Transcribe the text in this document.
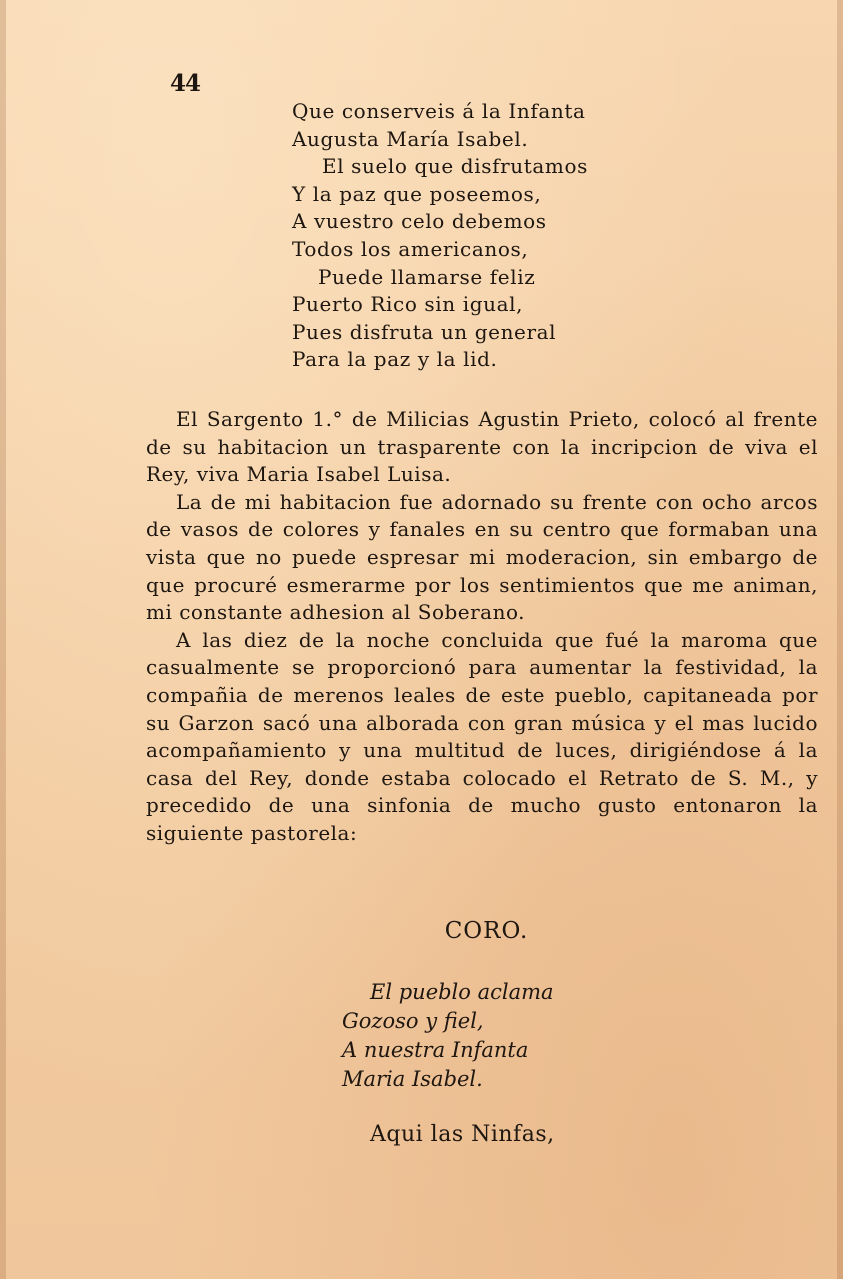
44
Que conserveis á la Infanta
Augusta María Isabel.
El suelo que disfrutamos
Y la paz que poseemos,
A vuestro celo debemos
Todos los americanos,
Puede llamarse feliz
Puerto Rico sin igual,
Pues disfruta un general
Para la paz y la lid.

El Sargento 1.° de Milicias Agustin Prieto, colocó al frente de su habitacion un trasparente con la incripcion de viva el Rey, viva Maria Isabel Luisa.

La de mi habitacion fue adornado su frente con ocho arcos de vasos de colores y fanales en su centro que formaban una vista que no puede espresar mi moderacion, sin embargo de que procuré esmerarme por los sentimientos que me animan, mi constante adhesion al Soberano.

A las diez de la noche concluida que fué la maroma que casualmente se proporcionó para aumentar la festividad, la compañia de merenos leales de este pueblo, capitaneada por su Garzon sacó una alborada con gran música y el mas lucido acompañamiento y una multitud de luces, dirigiéndose á la casa del Rey, donde estaba colocado el Retrato de S. M., y precedido de una sinfonia de mucho gusto entonaron la siguiente pastorela:

CORO.
El pueblo aclama
Gozoso y fiel,
A nuestra Infanta
Maria Isabel.
Aqui las Ninfas,
